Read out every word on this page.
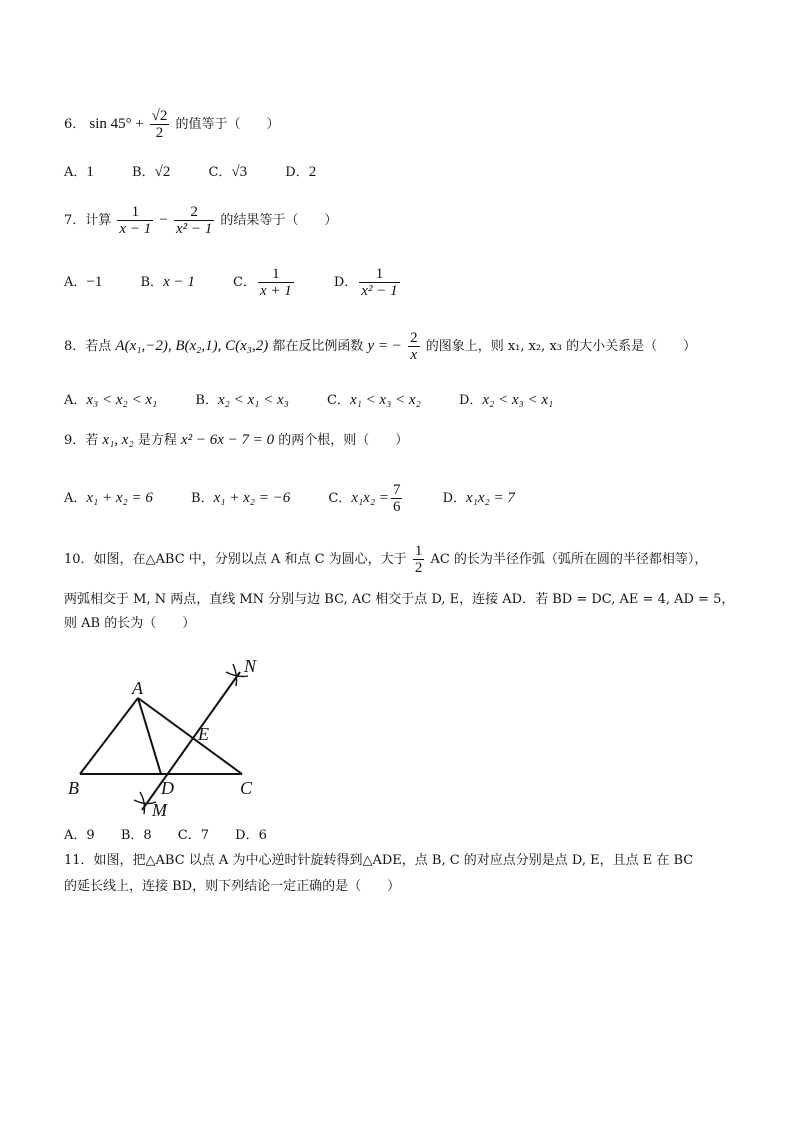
6． $\sin 45^\circ + \frac{√2}{2}$ 的值等于（　　）
A．1	B．√2	C．√3	D．2
7．计算 $\frac{1}{x - 1} - \frac{2}{\text{x² − 1}}$ 的结果等于（　　）
A．−1	B．x − 1	C． $\frac{1}{x + 1}$	D． $\frac{1}{\text{x² − 1}}$
8．若点 A(x₁,−2), B(x₂,1), C(x₃,2) 都在反比例函数 y = − $\frac{2}{x}$ 的图象上，则 x₁, x₂, x₃ 的大小关系是（　　）
A．x₃ < x₂ < x₁	B．x₂ < x₁ < x₃	C．x₁ < x₃ < x₂	D．x₂ < x₃ < x₁
9．若 x₁, x₂ 是方程 x² − 6x − 7 = 0 的两个根，则（　　）
A．x₁ + x₂ = 6	B．x₁ + x₂ = −6	C．$x_1x_2 = \frac{7}{6}$	D．x₁x₂ = 7
10．如图，在△ABC 中，分别以点 A 和点 C 为圆心，大于 $\frac{1}{2}$ AC 的长为半径作弧（弧所在圆的半径都相等），
两弧相交于 M, N 两点，直线 MN 分别与边 BC, AC 相交于点 D, E，连接 AD．若 BD = DC, AE = 4, AD = 5，
则 AB 的长为（　　）
A
B	C
D
E
M
N
A．9 B．8 C．7 D．6
11．如图，把△ABC 以点 A 为中心逆时针旋转得到△ADE，点 B, C 的对应点分别是点 D, E，且点 E 在 BC
的延长线上，连接 BD，则下列结论一定正确的是（　　）
